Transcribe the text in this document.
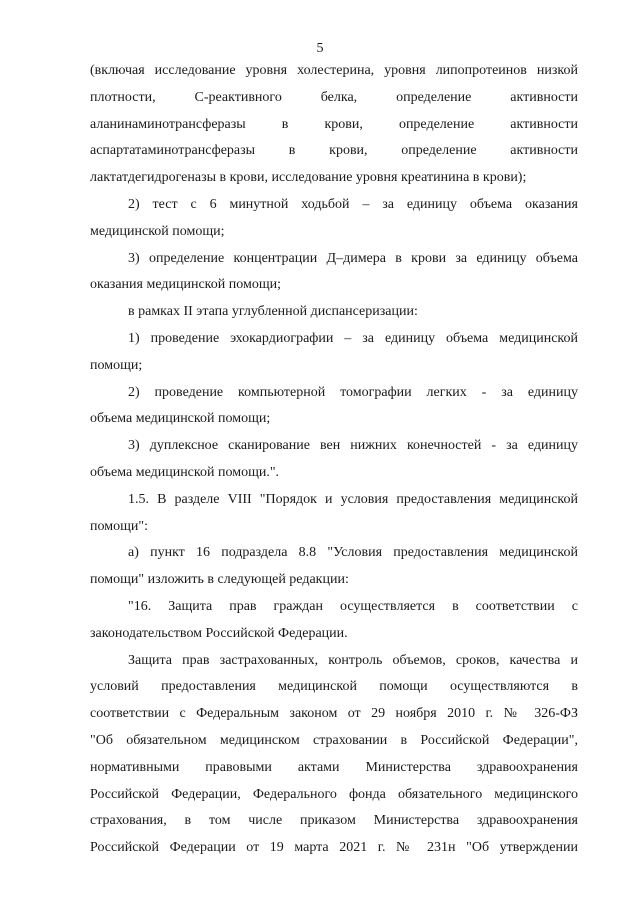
5
(включая исследование уровня холестерина, уровня липопротеинов низкой
плотности, С-реактивного белка, определение активности
аланинаминотрансферазы в крови, определение активности
аспартатаминотрансферазы в крови, определение активности
лактатдегидрогеназы в крови, исследование уровня креатинина в крови);
2) тест с 6 минутной ходьбой – за единицу объема оказания
медицинской помощи;
3) определение концентрации Д–димера в крови за единицу объема
оказания медицинской помощи;
в рамках II этапа углубленной диспансеризации:
1) проведение эхокардиографии – за единицу объема медицинской
помощи;
2) проведение компьютерной томографии легких - за единицу
объема медицинской помощи;
3) дуплексное сканирование вен нижних конечностей - за единицу
объема медицинской помощи.".
1.5. В разделе VIII "Порядок и условия предоставления медицинской
помощи":
а) пункт 16 подраздела 8.8 "Условия предоставления медицинской
помощи" изложить в следующей редакции:
"16. Защита прав граждан осуществляется в соответствии с
законодательством Российской Федерации.
Защита прав застрахованных, контроль объемов, сроков, качества и
условий предоставления медицинской помощи осуществляются в
соответствии с Федеральным законом от 29 ноября 2010 г. № 326-ФЗ
"Об обязательном медицинском страховании в Российской Федерации",
нормативными правовыми актами Министерства здравоохранения
Российской Федерации, Федерального фонда обязательного медицинского
страхования, в том числе приказом Министерства здравоохранения
Российской Федерации от 19 марта 2021 г. № 231н "Об утверждении
